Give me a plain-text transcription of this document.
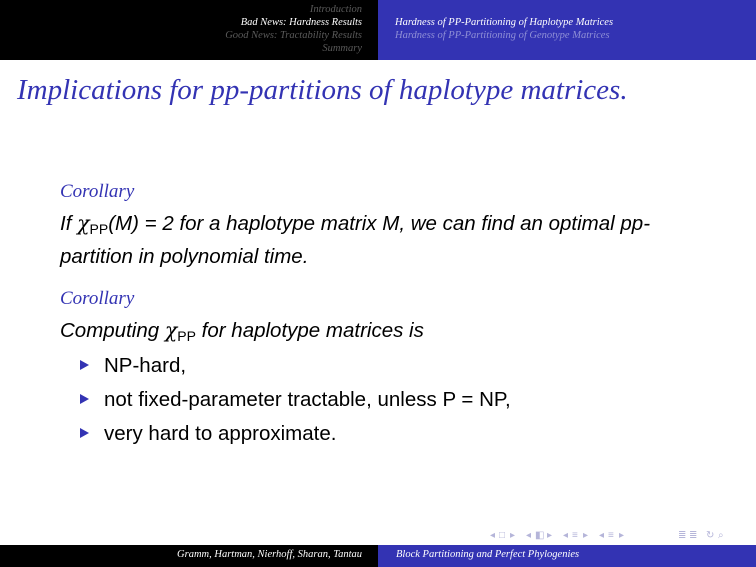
Introduction
Bad News: Hardness Results
Good News: Tractability Results
Summary
Hardness of PP-Partitioning of Haplotype Matrices
Hardness of PP-Partitioning of Genotype Matrices
Implications for pp-partitions of haplotype matrices.
Corollary
If $\chi_{PP}(M) = 2$ for a haplotype matrix M, we can find an optimal pp-partition in polynomial time.
Corollary
Computing $\chi_{PP}$ for haplotype matrices is
NP-hard,
not fixed-parameter tractable, unless P = NP,
very hard to approximate.
◂ □ ▸ ◂ ◧ ▸ ◂ ≡ ▸ ◂ ≡ ▸	≣ ≣ ↻ ⌕
Gramm, Hartman, Nierhoff, Sharan, Tantau	Block Partitioning and Perfect Phylogenies
